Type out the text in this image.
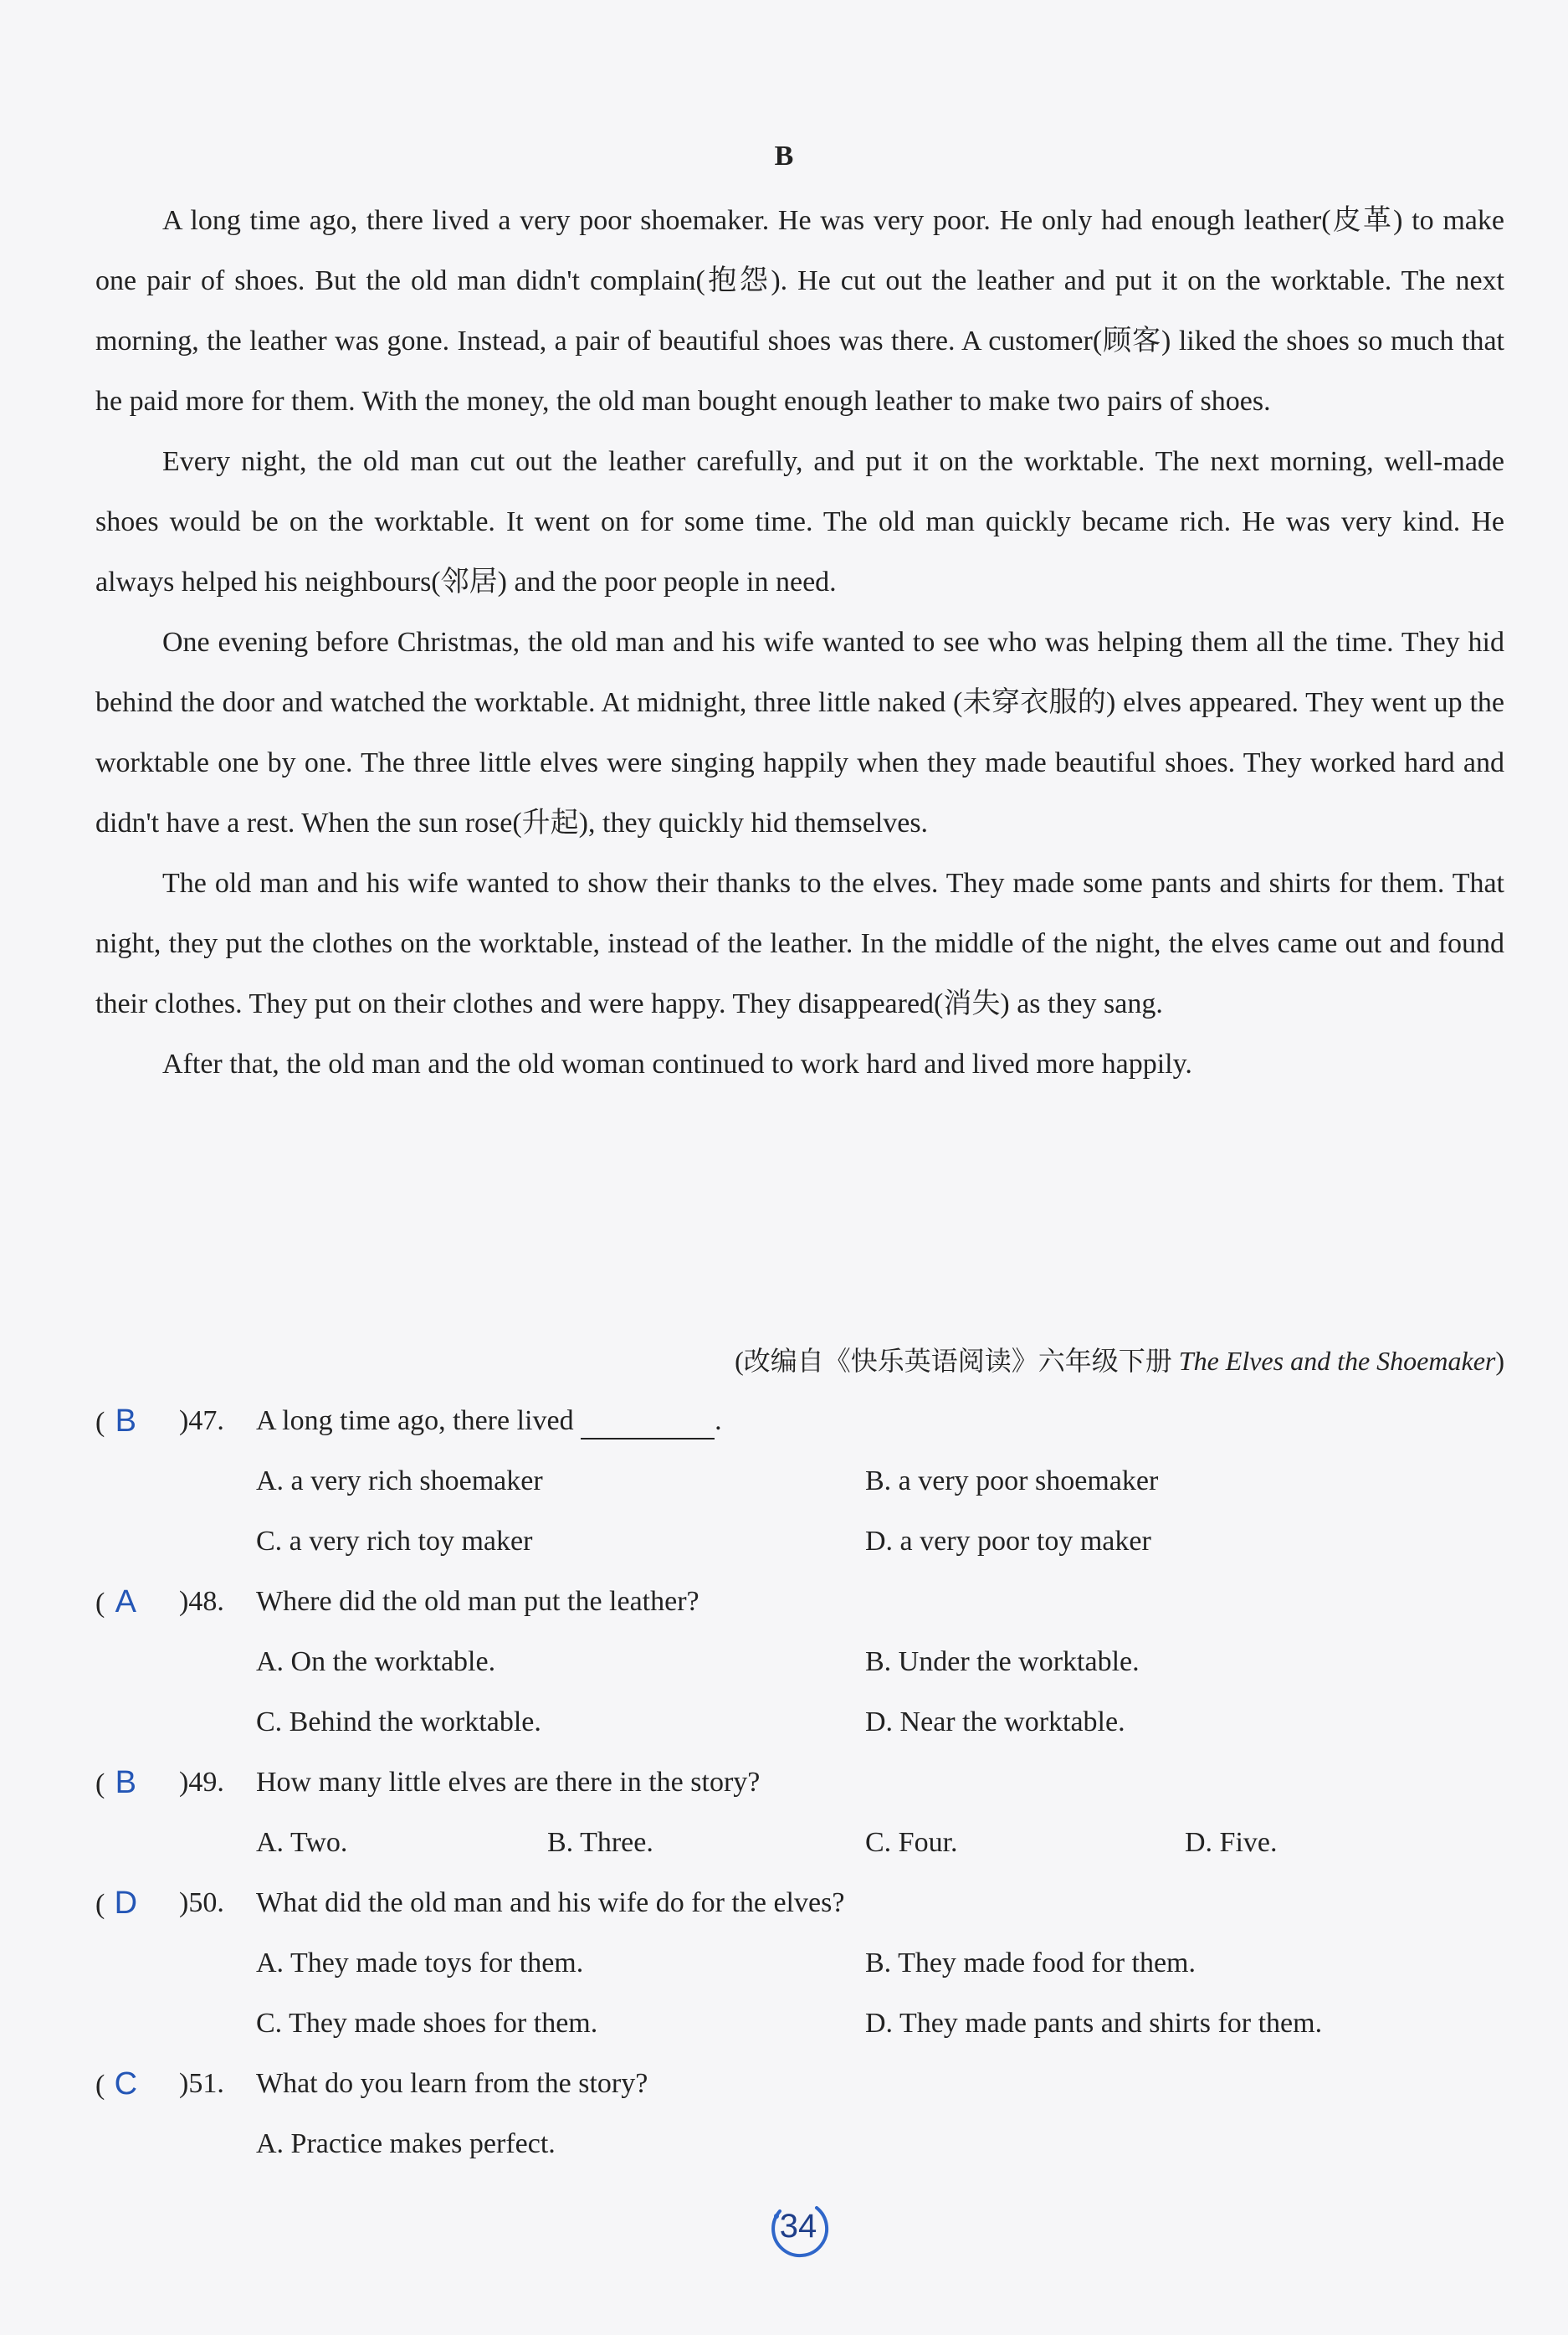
B

A long time ago, there lived a very poor shoemaker. He was very poor. He only had enough leather(皮革) to make one pair of shoes. But the old man didn't complain(抱怨). He cut out the leather and put it on the worktable. The next morning, the leather was gone. Instead, a pair of beautiful shoes was there. A customer(顾客) liked the shoes so much that he paid more for them. With the money, the old man bought enough leather to make two pairs of shoes.

Every night, the old man cut out the leather carefully, and put it on the worktable. The next morning, well-made shoes would be on the worktable. It went on for some time. The old man quickly became rich. He was very kind. He always helped his neighbours(邻居) and the poor people in need.

One evening before Christmas, the old man and his wife wanted to see who was helping them all the time. They hid behind the door and watched the worktable. At midnight, three little naked (未穿衣服的) elves appeared. They went up the worktable one by one. The three little elves were singing happily when they made beautiful shoes. They worked hard and didn't have a rest. When the sun rose(升起), they quickly hid themselves.

The old man and his wife wanted to show their thanks to the elves. They made some pants and shirts for them. That night, they put the clothes on the worktable, instead of the leather. In the middle of the night, the elves came out and found their clothes. They put on their clothes and were happy. They disappeared(消失) as they sang.

After that, the old man and the old woman continued to work hard and lived more happily.

(改编自《快乐英语阅读》六年级下册 The Elves and the Shoemaker)
( B	)47. A long time ago, there lived	.
A. a very rich shoemaker	B. a very poor shoemaker
C. a very rich toy maker	D. a very poor toy maker
( A	)48. Where did the old man put the leather?
A. On the worktable.	B. Under the worktable.
C. Behind the worktable.	D. Near the worktable.
( B	)49. How many little elves are there in the story?
A. Two.	B. Three.	C. Four.	D. Five.
( D	)50. What did the old man and his wife do for the elves?
A. They made toys for them.	B. They made food for them.
C. They made shoes for them.	D. They made pants and shirts for them.
( C	)51. What do you learn from the story?
A. Practice makes perfect.
34
